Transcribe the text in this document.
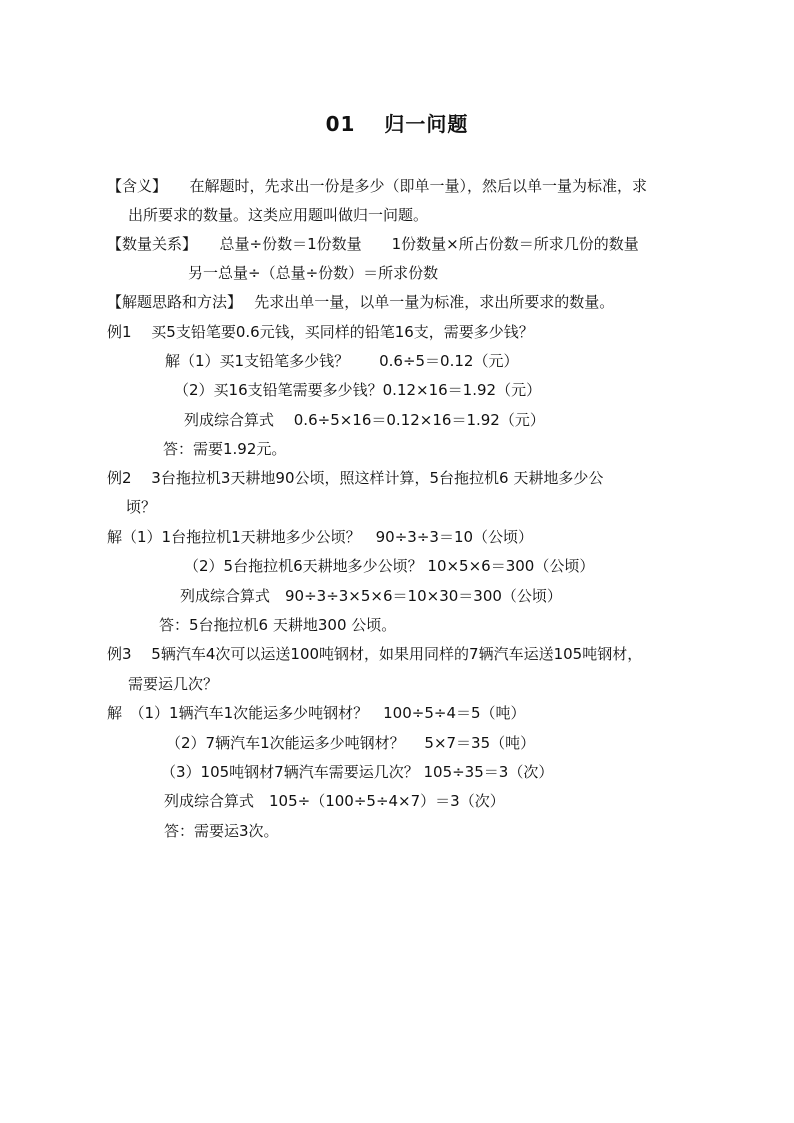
01　 归一问题
【含义】　　在解题时，先求出一份是多少（即单一量），然后以单一量为标准，求
出所要求的数量。这类应用题叫做归一问题。
【数量关系】　　总量÷份数＝1份数量　　1份数量×所占份数＝所求几份的数量
另一总量÷（总量÷份数）＝所求份数
【解题思路和方法】　 先求出单一量，以单一量为标准，求出所要求的数量。
例1　 买5支铅笔要0.6元钱，买同样的铅笔16支，需要多少钱？
解（1）买1支铅笔多少钱？　　0.6÷5＝0.12（元）
（2）买16支铅笔需要多少钱？0.12×16＝1.92（元）
列成综合算式　 0.6÷5×16＝0.12×16＝1.92（元）
答：需要1.92元。
例2　 3台拖拉机3天耕地90公顷，照这样计算，5台拖拉机6 天耕地多少公
顷？
解（1）1台拖拉机1天耕地多少公顷？　90÷3÷3＝10（公顷）
（2）5台拖拉机6天耕地多少公顷？ 10×5×6＝300（公顷）
列成综合算式　90÷3÷3×5×6＝10×30＝300（公顷）
答：5台拖拉机6 天耕地300 公顷。
例3　 5辆汽车4次可以运送100吨钢材，如果用同样的7辆汽车运送105吨钢材，
需要运几次？
解　（1）1辆汽车1次能运多少吨钢材？　100÷5÷4＝5（吨）
（2）7辆汽车1次能运多少吨钢材？　 5×7＝35（吨）
（3）105吨钢材7辆汽车需要运几次？ 105÷35＝3（次）
列成综合算式　105÷（100÷5÷4×7）＝3（次）
答：需要运3次。
